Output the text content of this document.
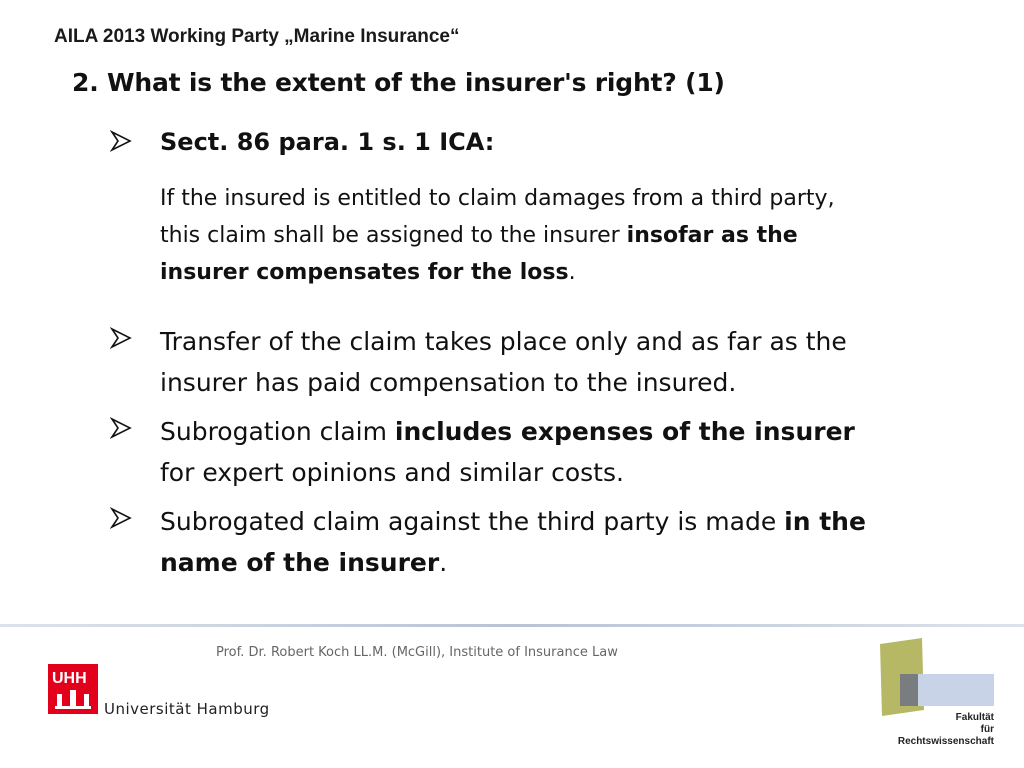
AILA 2013 Working Party „Marine Insurance“
2. What is the extent of the insurer's right? (1)
Sect. 86 para. 1 s. 1 ICA:
If the insured is entitled to claim damages from a third party, this claim shall be assigned to the insurer insofar as the insurer compensates for the loss.
Transfer of the claim takes place only and as far as the insurer has paid compensation to the insured.
Subrogation claim includes expenses of the insurer for expert opinions and similar costs.
Subrogated claim against the third party is made in the name of the insurer.
Prof. Dr. Robert Koch LL.M. (McGill), Institute of Insurance Law
UHH
Universität Hamburg	Fakultät
für
Rechtswissenschaft
